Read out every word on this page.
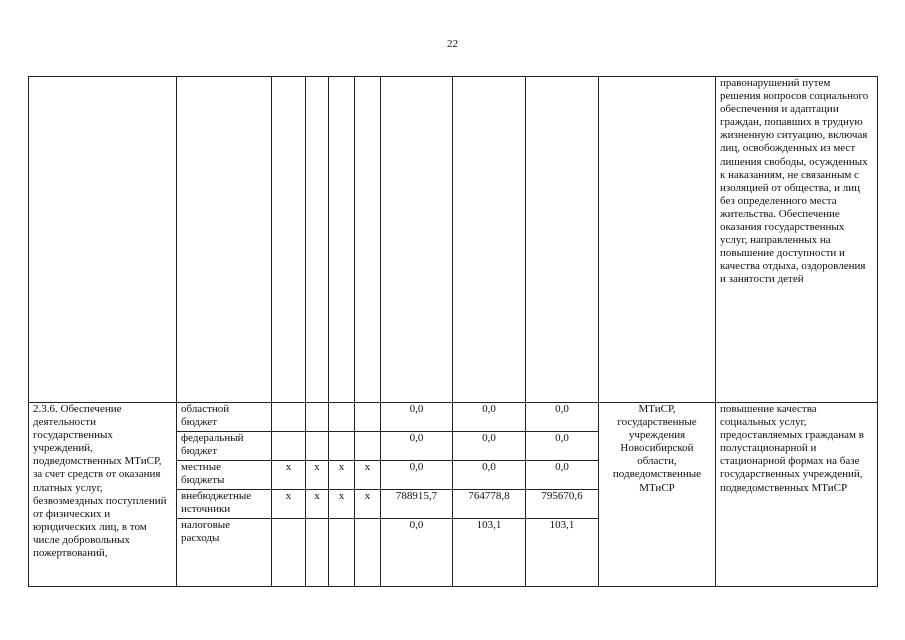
22
										правонарушений путем решения вопросов социального обеспечения и адаптации граждан, попавших в трудную жизненную ситуацию, включая лиц, освобожденных из мест лишения свободы, осужденных к наказаниям, не связанным с изоляцией от общества, и лиц без определенного места жительства. Обеспечение оказания государственных услуг, направленных на повышение доступности и качества отдыха, оздоровления и занятости детей
2.3.6. Обеспечение деятельности государственных учреждений, подведомственных МТиСР, за счет средств от оказания платных услуг, безвозмездных поступлений от физических и юридических лиц, в том числе добровольных пожертвований,	областной бюджет					0,0	0,0	0,0	МТиСР, государственные учреждения Новосибирской области, подведомственные МТиСР	повышение качества социальных услуг, предоставляемых гражданам в полустационарной и стационарной формах на базе государственных учреждений, подведомственных МТиСР
	федеральный бюджет					0,0	0,0	0,0		
	местные бюджеты	x	x	x	x	0,0	0,0	0,0		
	внебюджетные источники	x	x	x	x	788915,7	764778,8	795670,6		
	налоговые расходы					0,0	103,1	103,1		
